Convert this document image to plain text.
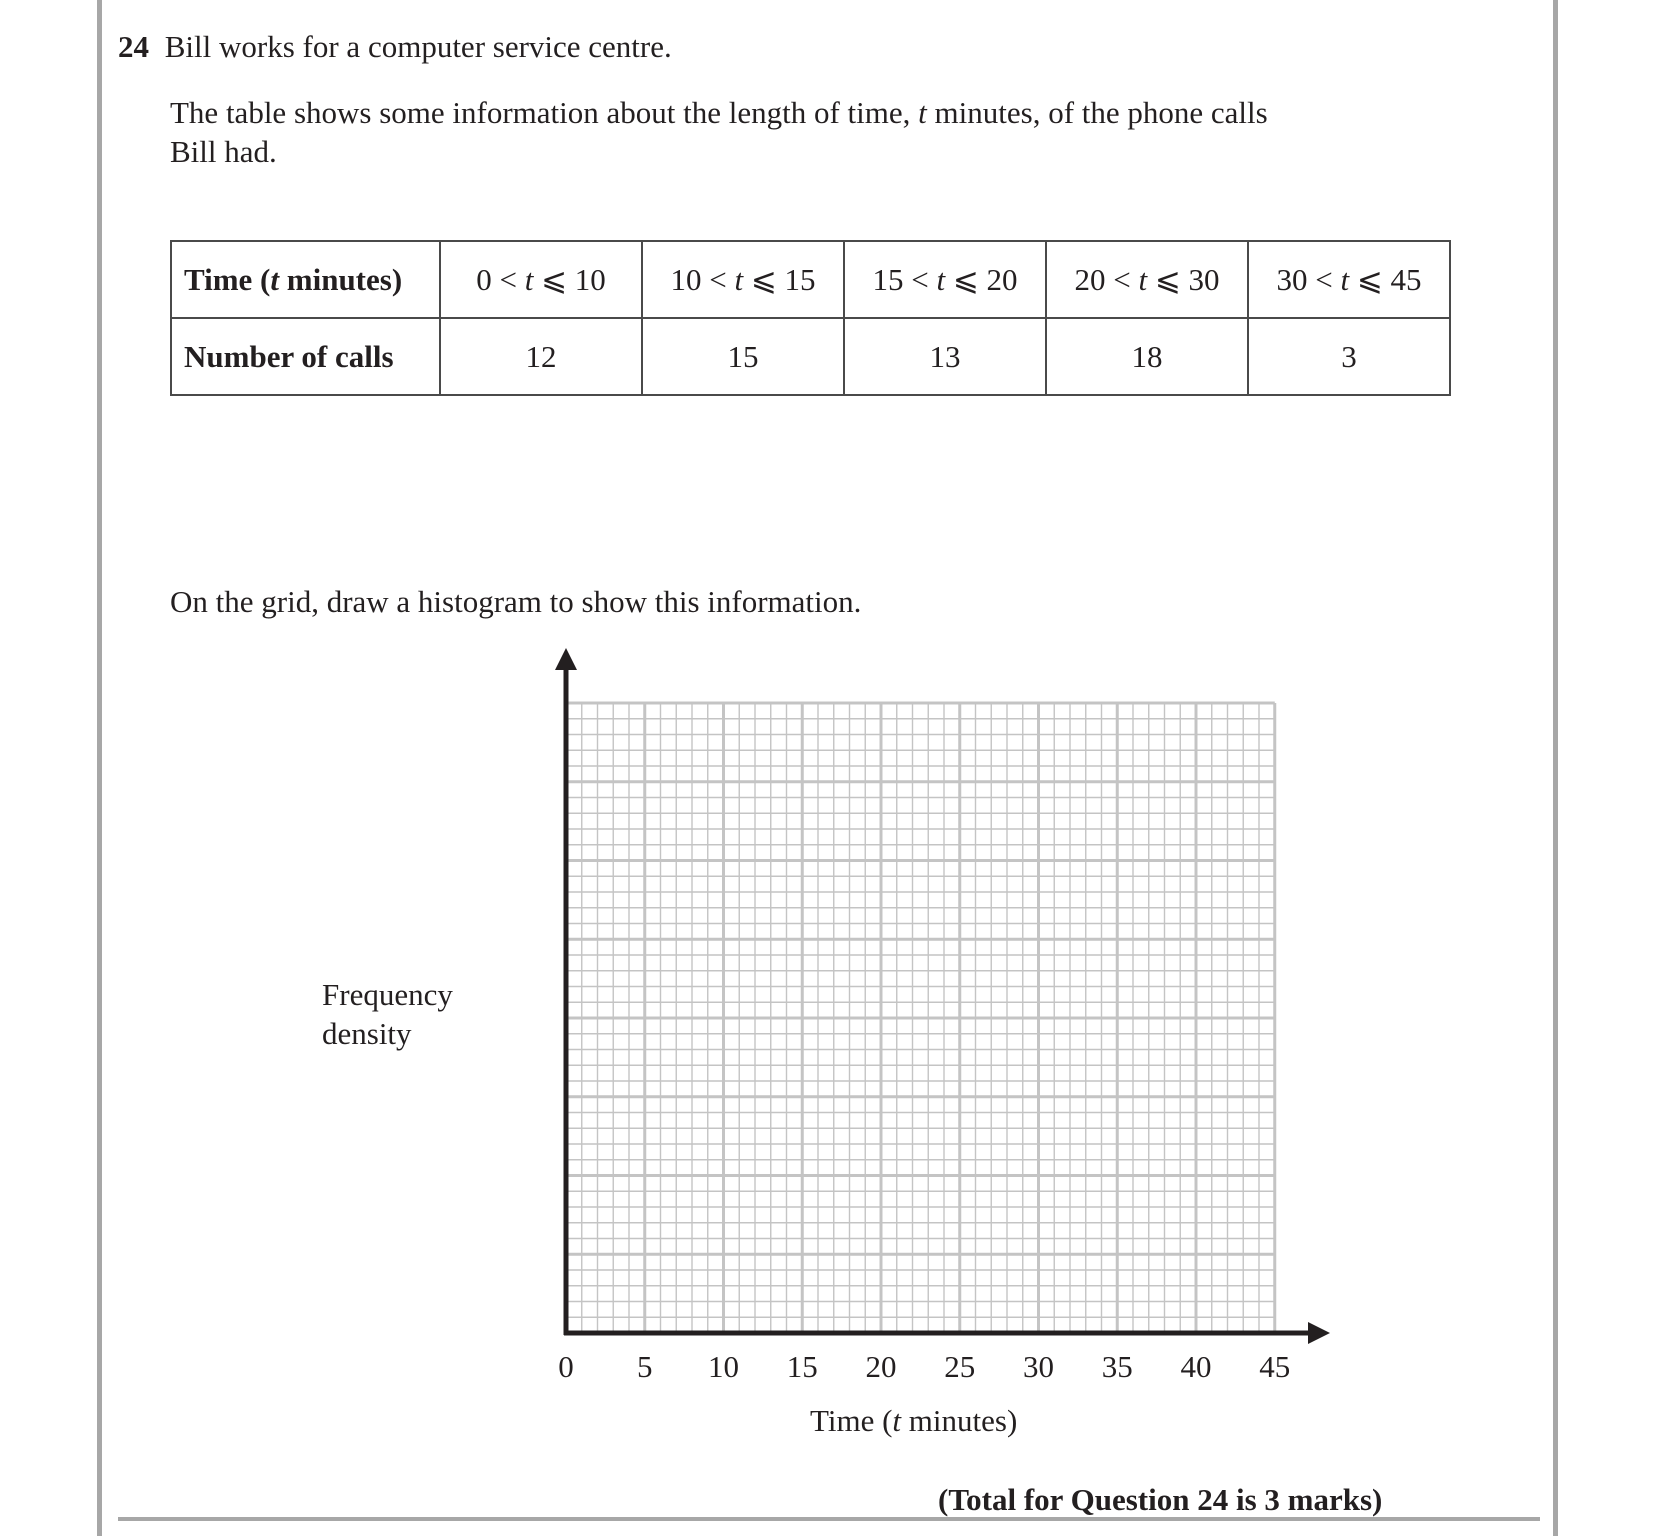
24 Bill works for a computer service centre.
The table shows some information about the length of time, t minutes, of the phone calls
Bill had.
Time (t minutes)	0 < t ⩽ 10	10 < t ⩽ 15	15 < t ⩽ 20	20 < t ⩽ 30	30 < t ⩽ 45
Number of calls	12	15	13	18	3
On the grid, draw a histogram to show this information.
Frequency
density
0	5	10	15	20	25	30	35	40	45
Time (t minutes)
(Total for Question 24 is 3 marks)
